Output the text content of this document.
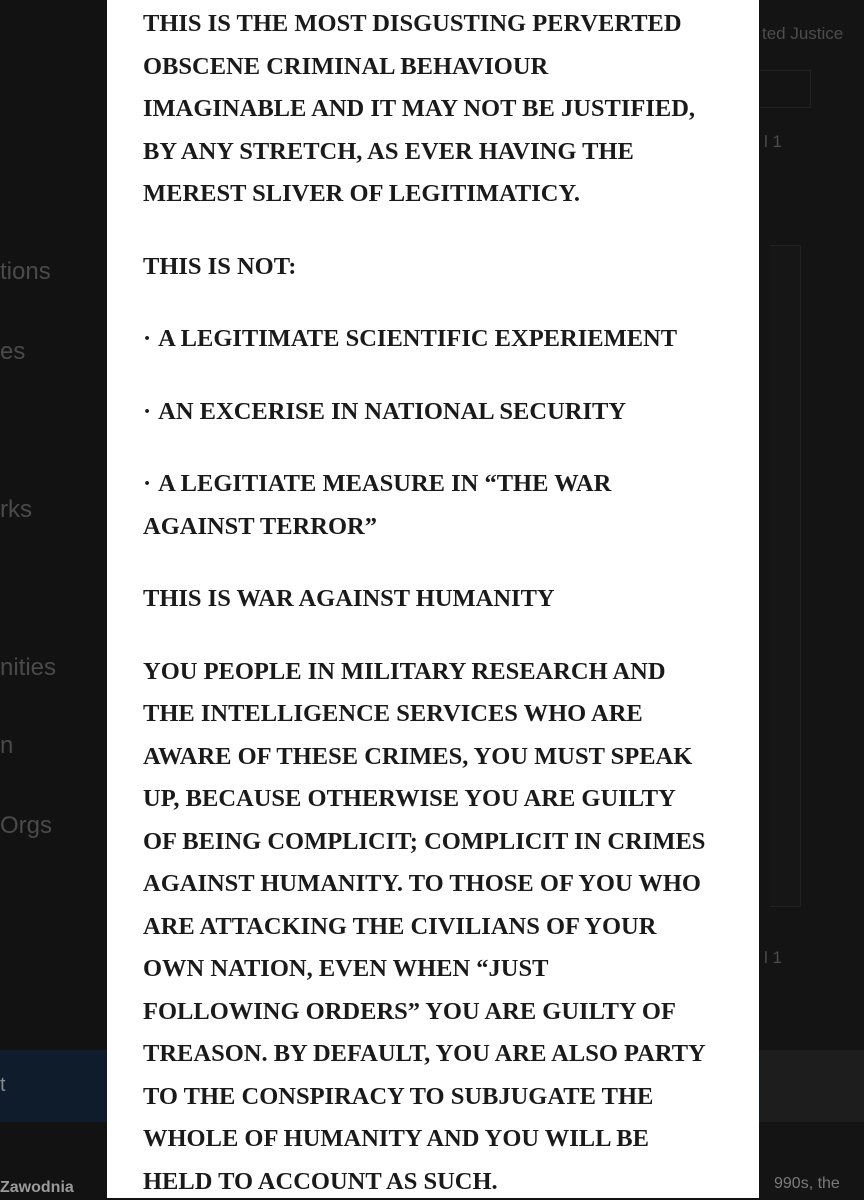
tions
es
rks
nities
n
Orgs
ted Justice
l 1
l 1
t
Zawodnia	990s, the

THIS IS THE MOST DISGUSTING PERVERTED
OBSCENE CRIMINAL BEHAVIOUR
IMAGINABLE AND IT MAY NOT BE JUSTIFIED,
BY ANY STRETCH, AS EVER HAVING THE
MEREST SLIVER OF LEGITIMATICY.

THIS IS NOT:

· A LEGITIMATE SCIENTIFIC EXPERIEMENT
· AN EXCERISE IN NATIONAL SECURITY
· A LEGITIATE MEASURE IN “THE WAR
AGAINST TERROR”

THIS IS WAR AGAINST HUMANITY

YOU PEOPLE IN MILITARY RESEARCH AND
THE INTELLIGENCE SERVICES WHO ARE
AWARE OF THESE CRIMES, YOU MUST SPEAK
UP, BECAUSE OTHERWISE YOU ARE GUILTY
OF BEING COMPLICIT; COMPLICIT IN CRIMES
AGAINST HUMANITY. TO THOSE OF YOU WHO
ARE ATTACKING THE CIVILIANS OF YOUR
OWN NATION, EVEN WHEN “JUST
FOLLOWING ORDERS” YOU ARE GUILTY OF
TREASON. BY DEFAULT, YOU ARE ALSO PARTY
TO THE CONSPIRACY TO SUBJUGATE THE
WHOLE OF HUMANITY AND YOU WILL BE
HELD TO ACCOUNT AS SUCH.
